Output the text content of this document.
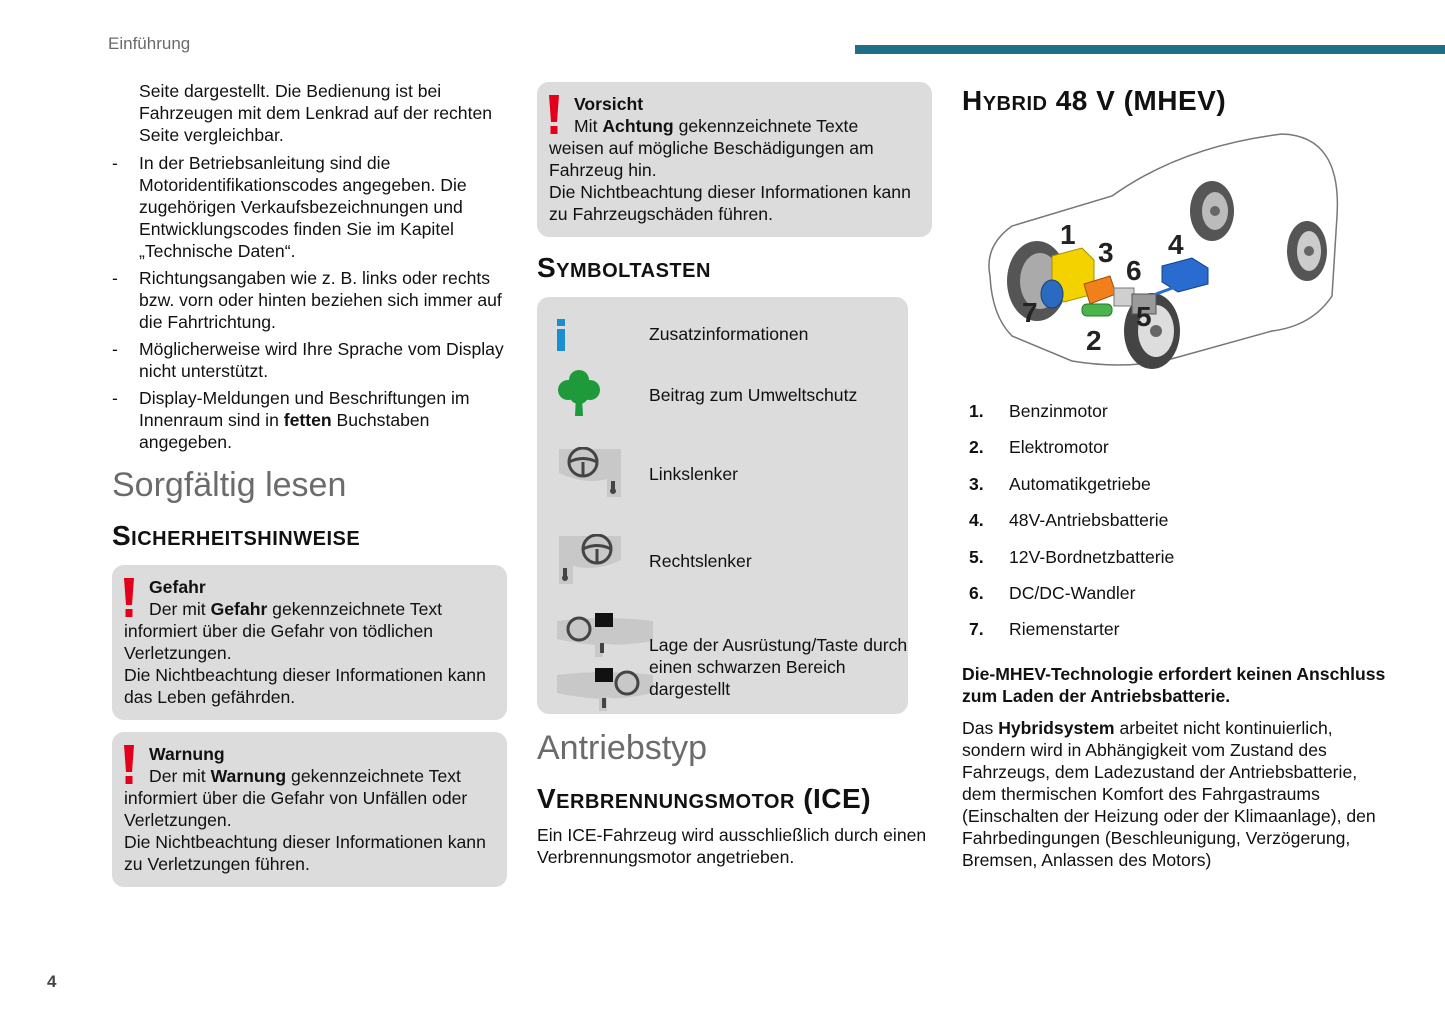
Einführung

Seite dargestellt. Die Bedienung ist bei Fahrzeugen mit dem Lenkrad auf der rechten Seite vergleichbar.

- In der Betriebsanleitung sind die Motoridentifikationscodes angegeben. Die zugehörigen Verkaufsbezeichnungen und Entwicklungscodes finden Sie im Kapitel „Technische Daten“.
- Richtungsangaben wie z. B. links oder rechts bzw. vorn oder hinten beziehen sich immer auf die Fahrtrichtung.
- Möglicherweise wird Ihre Sprache vom Display nicht unterstützt.
- Display-Meldungen und Beschriftungen im Innenraum sind in fetten Buchstaben angegeben.
Sorgfältig lesen
Sicherheitshinweise
Gefahr
Der mit Gefahr gekennzeichnete Text
informiert über die Gefahr von tödlichen Verletzungen.
Die Nichtbeachtung dieser Informationen kann das Leben gefährden.
Warnung
Der mit Warnung gekennzeichnete Text
informiert über die Gefahr von Unfällen oder Verletzungen.
Die Nichtbeachtung dieser Informationen kann zu Verletzungen führen.
Vorsicht
Mit Achtung gekennzeichnete Texte
weisen auf mögliche Beschädigungen am Fahrzeug hin.
Die Nichtbeachtung dieser Informationen kann zu Fahrzeugschäden führen.
Symboltasten
Zusatzinformationen
Beitrag zum Umweltschutz
Linkslenker
Rechtslenker
Lage der Ausrüstung/Taste durch einen schwarzen Bereich dargestellt
Antriebstyp
Verbrennungsmotor (ICE)

Ein ICE-Fahrzeug wird ausschließlich durch einen Verbrennungsmotor angetrieben.

Hybrid 48 V (MHEV)
1
2
3 4
5
6
7
1. Benzinmotor
2. Elektromotor
3. Automatikgetriebe
4. 48V-Antriebsbatterie
5. 12V-Bordnetzbatterie
6. DC/DC-Wandler
7. Riemenstarter

Die-MHEV-Technologie erfordert keinen Anschluss zum Laden der Antriebsbatterie.

Das Hybridsystem arbeitet nicht kontinuierlich, sondern wird in Abhängigkeit vom Zustand des Fahrzeugs, dem Ladezustand der Antriebsbatterie, dem thermischen Komfort des Fahrgastraums (Einschalten der Heizung oder der Klimaanlage), den Fahrbedingungen (Beschleunigung, Verzögerung, Bremsen, Anlassen des Motors)

4
